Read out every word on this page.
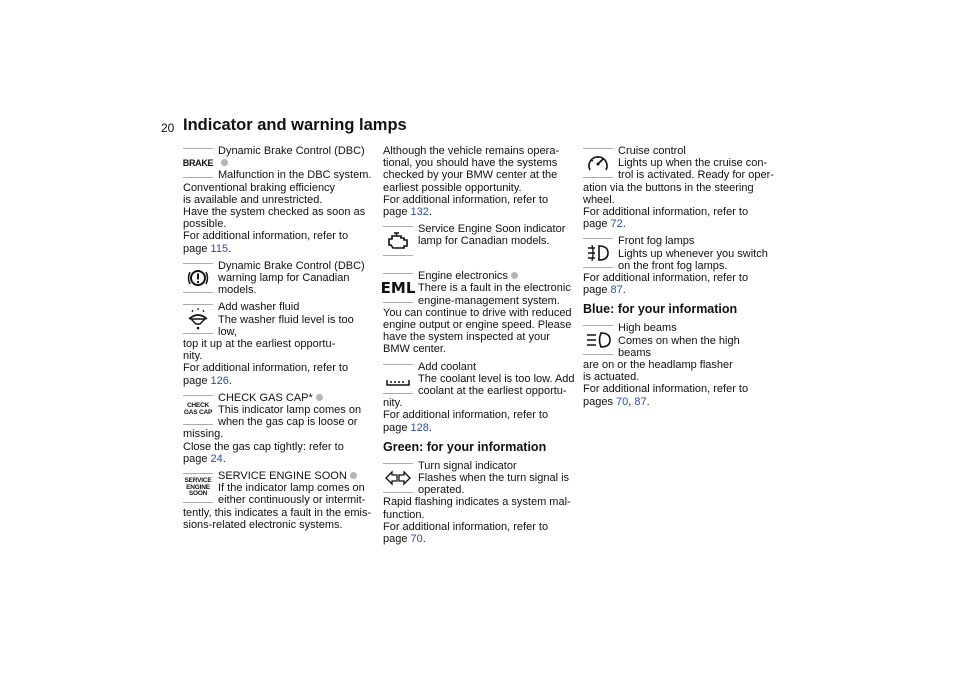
20 Indicator and warning lamps
BRAKE
Dynamic Brake Control (DBC)
Malfunction in the DBC system.
Conventional braking efficiency
is available and unrestricted.
Have the system checked as soon as
possible.
For additional information, refer to
page 115.
Dynamic Brake Control (DBC)
warning lamp for Canadian
models.
Add washer fluid
The washer fluid level is too low,
top it up at the earliest opportu-
nity.
For additional information, refer to
page 126.
CHECK
GAS CAP
CHECK GAS CAP*
This indicator lamp comes on
when the gas cap is loose or
missing.
Close the gas cap tightly: refer to
page 24.
SERVICE
ENGINE
SOON
SERVICE ENGINE SOON
If the indicator lamp comes on
either continuously or intermit-
tently, this indicates a fault in the emis-
sions-related electronic systems.
Although the vehicle remains opera-
tional, you should have the systems
checked by your BMW center at the
earliest possible opportunity.
For additional information, refer to
page 132.
Service Engine Soon indicator
lamp for Canadian models.
EML
Engine electronics
There is a fault in the electronic
engine-management system.
You can continue to drive with reduced
engine output or engine speed. Please
have the system inspected at your
BMW center.
Add coolant
The coolant level is too low. Add
coolant at the earliest opportu-
nity.
For additional information, refer to
page 128.
Green: for your information
Turn signal indicator
Flashes when the turn signal is
operated.
Rapid flashing indicates a system mal-
function.
For additional information, refer to
page 70.
Cruise control
Lights up when the cruise con-
trol is activated. Ready for oper-
ation via the buttons in the steering
wheel.
For additional information, refer to
page 72.
Front fog lamps
Lights up whenever you switch
on the front fog lamps.
For additional information, refer to
page 87.
Blue: for your information
High beams
Comes on when the high beams
are on or the headlamp flasher
is actuated.
For additional information, refer to
pages 70, 87.
